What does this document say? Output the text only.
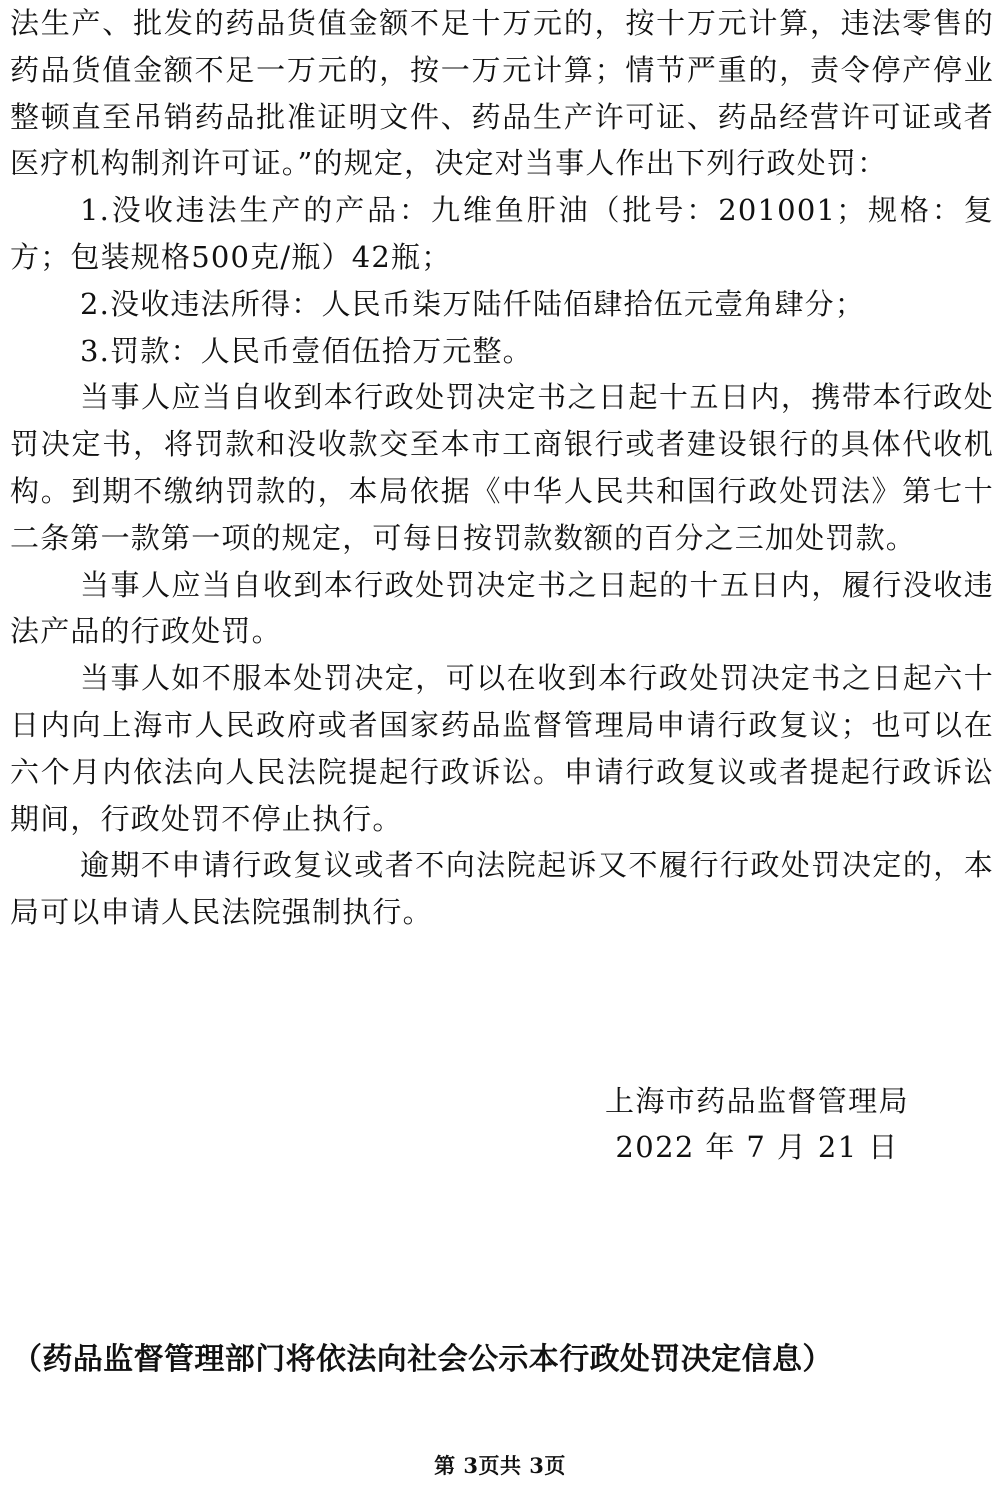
法生产、批发的药品货值金额不足十万元的，按十万元计算，违法零售的药品货值金额不足一万元的，按一万元计算；情节严重的，责令停产停业整顿直至吊销药品批准证明文件、药品生产许可证、药品经营许可证或者医疗机构制剂许可证。”的规定，决定对当事人作出下列行政处罚：

1.没收违法生产的产品：九维鱼肝油（批号：201001；规格：复方；包装规格500克/瓶）42瓶；

2.没收违法所得：人民币柒万陆仟陆佰肆拾伍元壹角肆分；

3.罚款：人民币壹佰伍拾万元整。

当事人应当自收到本行政处罚决定书之日起十五日内，携带本行政处罚决定书，将罚款和没收款交至本市工商银行或者建设银行的具体代收机构。到期不缴纳罚款的，本局依据《中华人民共和国行政处罚法》第七十二条第一款第一项的规定，可每日按罚款数额的百分之三加处罚款。

当事人应当自收到本行政处罚决定书之日起的十五日内，履行没收违法产品的行政处罚。

当事人如不服本处罚决定，可以在收到本行政处罚决定书之日起六十日内向上海市人民政府或者国家药品监督管理局申请行政复议；也可以在六个月内依法向人民法院提起行政诉讼。申请行政复议或者提起行政诉讼期间，行政处罚不停止执行。

逾期不申请行政复议或者不向法院起诉又不履行行政处罚决定的，本局可以申请人民法院强制执行。

上海市药品监督管理局
2022 年 7 月 21 日
（药品监督管理部门将依法向社会公示本行政处罚决定信息）
第 3页共 3页
